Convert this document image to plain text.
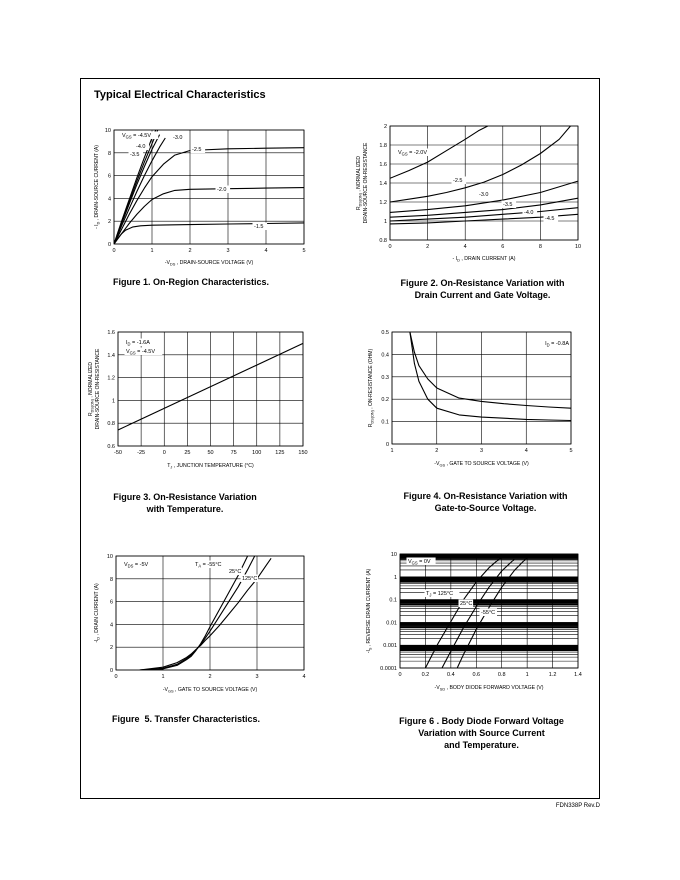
Typical Electrical Characteristics
0	1	2	3	4	5
0
2
4
6
8
10
$-V_{DS}$ , DRAIN-SOURCE VOLTAGE (V)
- $I_D$ , DRAIN-SOURCE CURRENT (A)
$V_{GS} = -4.5V$
-4.0
-3.5
-3.0
-2.5
-2.0
-1.5
0	2	4	6	8	10
0.8
1
1.2
1.4
1.6
1.8
2
- $I_D$ , DRAIN CURRENT (A)
$R_{DS(ON)}$ , NORMALIZED DRAIN-SOURCE ON-RESISTANCE	$V_{GS} = -2.0V$
-2.5
-3.0
-3.5
-4.0
-4.5
-50	-25	0	25	50	75	100	125	150
0.6
0.8
1
1.2
1.4
1.6
$T_J$ , JUNCTION TEMPERATURE (°C)
$R_{DS(ON)}$ , NORMALIZED DRAIN-SOURCE ON-RESISTANCE
$I_D = -1.6A$
$V_{GS} = -4.5V$
1	2	3	4	5
0
0.1
0.2
0.3
0.4
0.5
$-V_{GS}$ , GATE TO SOURCE VOLTAGE (V)
$R_{DS(ON)}$ , ON-RESISTANCE (OHM)
$I_D = -0.8A$
0	1	2	3	4
0
2
4
6
8
10
$-V_{GS}$ , GATE TO SOURCE VOLTAGE (V)
$-I_D$ , DRAIN CURRENT (A)
$V_{DS} = -5V$	$T_A = -55^\circ C$
25°C
125°C
0	0.2	0.4	0.6	0.8	1	1.2	1.4
0.0001
0.001
0.01
0.1
1
10
$-V_{SD}$ , BODY DIODE FORWARD VOLTAGE (V)
$-I_S$ , REVERSE DRAIN CURRENT (A)
$V_{GS} = 0V$
$T_J = 125^\circ C$
25°C
-55°C
Figure 1. On-Region Characteristics.	Figure 2. On-Resistance Variation with
Drain Current and Gate Voltage.
Figure 3. On-Resistance Variation
with Temperature.
Figure 4. On-Resistance Variation with
Gate-to-Source Voltage.
Figure  5. Transfer Characteristics.	Figure 6 . Body Diode Forward Voltage
Variation with Source Current
and Temperature.
FDN338P Rev.D
